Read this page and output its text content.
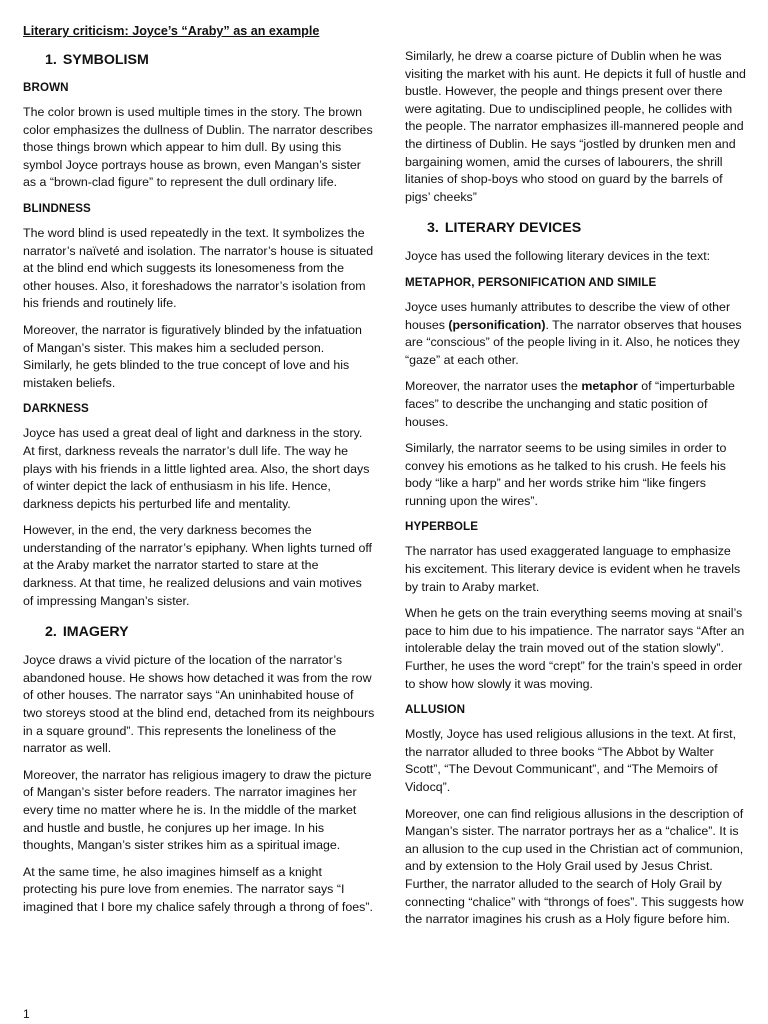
Literary criticism: Joyce’s “Araby” as an example
1. SYMBOLISM
BROWN

The color brown is used multiple times in the story. The brown color emphasizes the dullness of Dublin. The narrator describes those things brown which appear to him dull. By using this symbol Joyce portrays house as brown, even Mangan’s sister as a “brown-clad figure” to represent the dull ordinary life.

BLINDNESS

The word blind is used repeatedly in the text. It symbolizes the narrator’s naïveté and isolation. The narrator’s house is situated at the blind end which suggests its lonesomeness from the other houses. Also, it foreshadows the narrator’s isolation from his friends and routinely life.

Moreover, the narrator is figuratively blinded by the infatuation of Mangan’s sister. This makes him a secluded person. Similarly, he gets blinded to the true concept of love and his mistaken beliefs.

DARKNESS

Joyce has used a great deal of light and darkness in the story. At first, darkness reveals the narrator’s dull life. The way he plays with his friends in a little lighted area. Also, the short days of winter depict the lack of enthusiasm in his life. Hence, darkness depicts his perturbed life and mentality.

However, in the end, the very darkness becomes the understanding of the narrator’s epiphany. When lights turned off at the Araby market the narrator started to stare at the darkness. At that time, he realized delusions and vain motives of impressing Mangan’s sister.

2. IMAGERY

Joyce draws a vivid picture of the location of the narrator’s abandoned house. He shows how detached it was from the row of other houses. The narrator says “An uninhabited house of two storeys stood at the blind end, detached from its neighbours in a square ground”. This represents the loneliness of the narrator as well.

Moreover, the narrator has religious imagery to draw the picture of Mangan’s sister before readers. The narrator imagines her every time no matter where he is. In the middle of the market and hustle and bustle, he conjures up her image. In his thoughts, Mangan’s sister strikes him as a spiritual image.

At the same time, he also imagines himself as a knight protecting his pure love from enemies. The narrator says “I imagined that I bore my chalice safely through a throng of foes”.

Similarly, he drew a coarse picture of Dublin when he was visiting the market with his aunt. He depicts it full of hustle and bustle. However, the people and things present over there were agitating. Due to undisciplined people, he collides with the people. The narrator emphasizes ill-mannered people and the dirtiness of Dublin. He says “jostled by drunken men and bargaining women, amid the curses of labourers, the shrill litanies of shop-boys who stood on guard by the barrels of pigs’ cheeks”

3. LITERARY DEVICES

Joyce has used the following literary devices in the text:

METAPHOR, PERSONIFICATION AND SIMILE

Joyce uses humanly attributes to describe the view of other houses (personification). The narrator observes that houses are “conscious” of the people living in it. Also, he notices they “gaze” at each other.

Moreover, the narrator uses the metaphor of “imperturbable faces” to describe the unchanging and static position of houses.

Similarly, the narrator seems to be using similes in order to convey his emotions as he talked to his crush. He feels his body “like a harp” and her words strike him “like fingers running upon the wires”.

HYPERBOLE

The narrator has used exaggerated language to emphasize his excitement. This literary device is evident when he travels by train to Araby market.

When he gets on the train everything seems moving at snail’s pace to him due to his impatience. The narrator says “After an intolerable delay the train moved out of the station slowly”. Further, he uses the word “crept” for the train’s speed in order to show how slowly it was moving.

ALLUSION

Mostly, Joyce has used religious allusions in the text. At first, the narrator alluded to three books “The Abbot by Walter Scott”, “The Devout Communicant”, and “The Memoirs of Vidocq”.

Moreover, one can find religious allusions in the description of Mangan’s sister. The narrator portrays her as a “chalice”. It is an allusion to the cup used in the Christian act of communion, and by extension to the Holy Grail used by Jesus Christ. Further, the narrator alluded to the search of Holy Grail by connecting “chalice” with “throngs of foes”. This suggests how the narrator imagines his crush as a Holy figure before him.

1
